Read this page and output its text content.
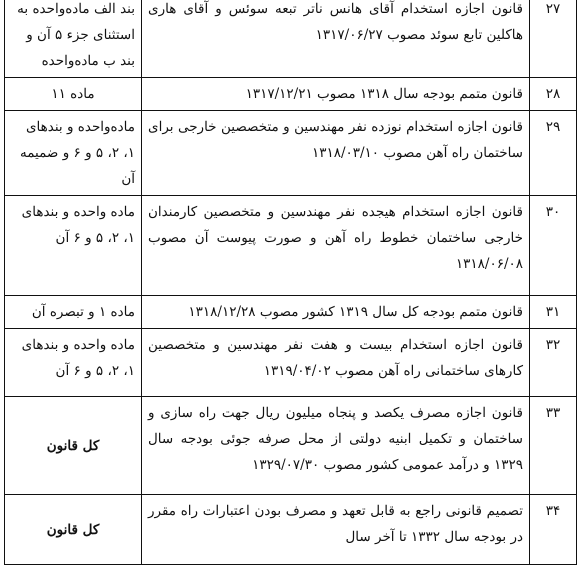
۲۷	قانون اجازه استخدام آقای هانس ناتر تبعه سوئس و آقای هاری هاکلین تابع سوئد مصوب ۱۳۱۷/۰۶/۲۷	بند الف ماده‌واحده به استثنای جزء ۵ آن و بند ب ماده‌واحده
۲۸	قانون متمم بودجه سال ۱۳۱۸ مصوب ۱۳۱۷/۱۲/۲۱	ماده ۱۱
۲۹	قانون اجازه استخدام نوزده نفر مهندسین و متخصصین خارجی برای ساختمان راه آهن مصوب ۱۳۱۸/۰۳/۱۰	ماده‌واحده و بندهای ۱، ۲، ۵ و ۶ و ضمیمه آن
۳۰	قانون اجازه استخدام هیجده نفر مهندسین و متخصصین کارمندان خارجی ساختمان خطوط راه آهن و صورت پیوست آن مصوب ۱۳۱۸/۰۶/۰۸	ماده واحده و بندهای ۱، ۲، ۵ و ۶ آن
۳۱	قانون متمم بودجه کل سال ۱۳۱۹ کشور مصوب ۱۳۱۸/۱۲/۲۸	ماده ۱ و تبصره آن
۳۲	قانون اجازه استخدام بیست و هفت نفر مهندسین و متخصصین کارهای ساختمانی راه آهن مصوب ۱۳۱۹/۰۴/۰۲	ماده واحده و بندهای ۱، ۲، ۵ و ۶ آن
۳۳	قانون اجازه مصرف یکصد و پنجاه میلیون ریال جهت راه سازی و ساختمان و تکمیل ابنیه دولتی از محل صرفه جوئی بودجه سال ۱۳۲۹ و درآمد عمومی کشور مصوب ۱۳۲۹/۰۷/۳۰	کل قانون
۳۴	تصمیم قانونی راجع به قابل تعهد و مصرف بودن اعتبارات راه مقرر در بودجه سال ۱۳۳۲ تا آخر سال	کل قانون
